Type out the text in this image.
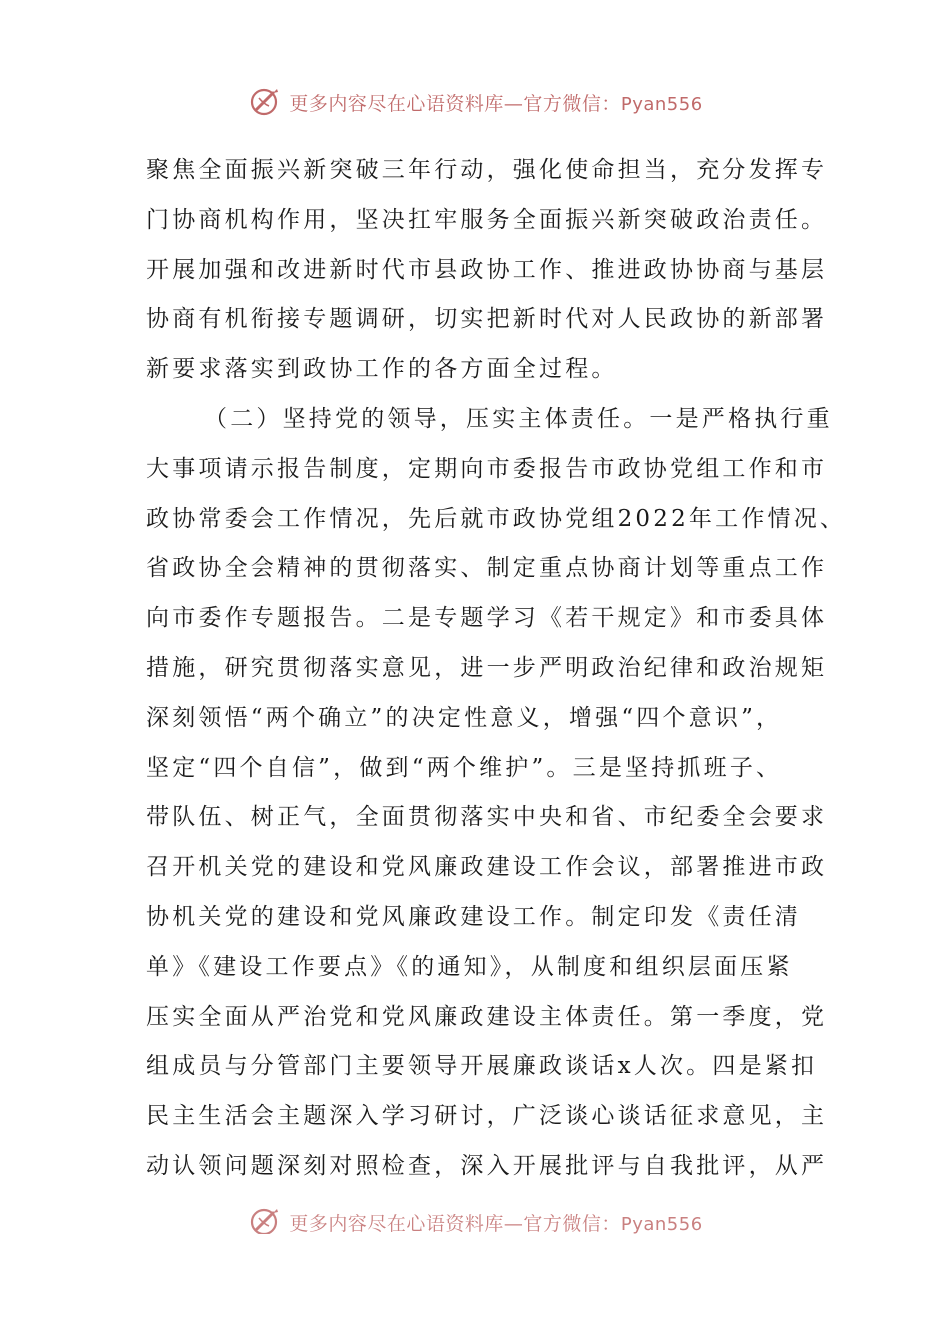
更多内容尽在心语资料库—官方微信：Pyan556
聚焦全面振兴新突破三年行动，强化使命担当，充分发挥专
门协商机构作用，坚决扛牢服务全面振兴新突破政治责任。
开展加强和改进新时代市县政协工作、推进政协协商与基层
协商有机衔接专题调研，切实把新时代对人民政协的新部署
新要求落实到政协工作的各方面全过程。
（二）坚持党的领导，压实主体责任。一是严格执行重
大事项请示报告制度，定期向市委报告市政协党组工作和市
政协常委会工作情况，先后就市政协党组2022年工作情况、
省政协全会精神的贯彻落实、制定重点协商计划等重点工作
向市委作专题报告。二是专题学习《若干规定》和市委具体
措施，研究贯彻落实意见，进一步严明政治纪律和政治规矩
深刻领悟“两个确立”的决定性意义，增强“四个意识”，
坚定“四个自信”，做到“两个维护”。三是坚持抓班子、
带队伍、树正气，全面贯彻落实中央和省、市纪委全会要求
召开机关党的建设和党风廉政建设工作会议，部署推进市政
协机关党的建设和党风廉政建设工作。制定印发《责任清
单》《建设工作要点》《的通知》，从制度和组织层面压紧
压实全面从严治党和党风廉政建设主体责任。第一季度，党
组成员与分管部门主要领导开展廉政谈话x人次。四是紧扣
民主生活会主题深入学习研讨，广泛谈心谈话征求意见，主
动认领问题深刻对照检查，深入开展批评与自我批评，从严
更多内容尽在心语资料库—官方微信：Pyan556
